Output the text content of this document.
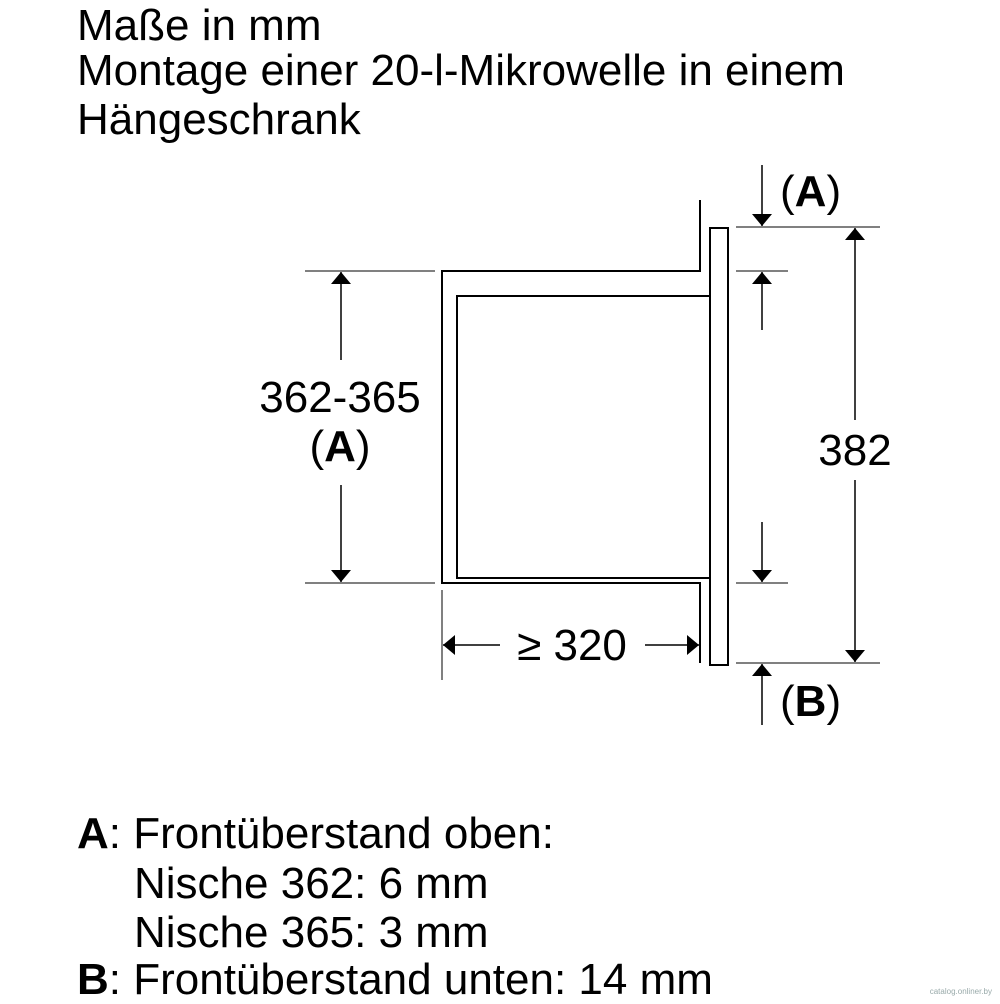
Maße in mm
Montage einer 20-l-Mikrowelle in einem
Hängeschrank
362-365
(A)
≥ 320
382
(A)
(B)
A: Frontüberstand oben:
Nische 362: 6 mm
Nische 365: 3 mm
B: Frontüberstand unten: 14 mm	catalog.onliner.by
